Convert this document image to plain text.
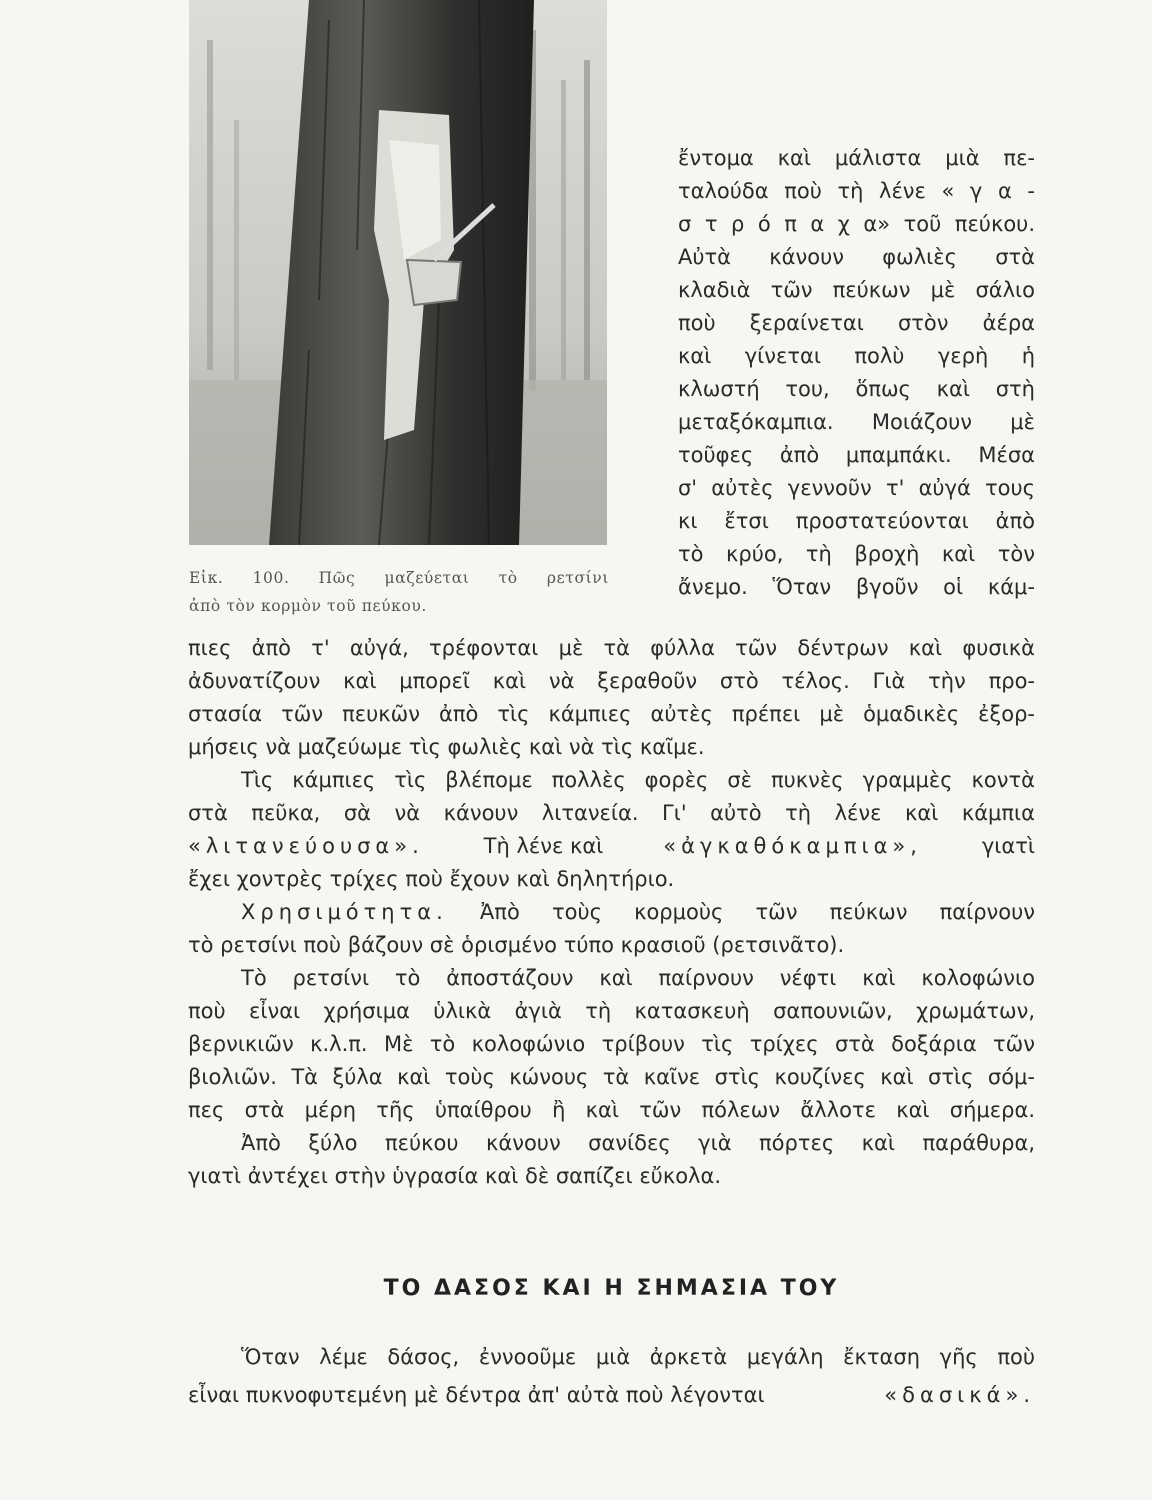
Εἰκ. 100. Πῶς μαζεύεται τὸ ρετσίνι
ἀπὸ τὸν κορμὸν τοῦ πεύκου.
ἔντομα καὶ μάλιστα μιὰ πε-
ταλούδα ποὺ τὴ λένε « γ α -
σ τ ρ ό π α χ α» τοῦ πεύκου.
Αὐτὰ κάνουν φωλιὲς στὰ
κλαδιὰ τῶν πεύκων μὲ σάλιο
ποὺ ξεραίνεται στὸν ἀέρα
καὶ γίνεται πολὺ γερὴ ἡ
κλωστή του, ὅπως καὶ στὴ
μεταξόκαμπια. Μοιάζουν μὲ
τοῦφες ἀπὸ μπαμπάκι. Μέσα
σ' αὐτὲς γεννοῦν τ' αὐγά τους
κι ἔτσι προστατεύονται ἀπὸ
τὸ κρύο, τὴ βροχὴ καὶ τὸν
ἄνεμο. Ὅταν βγοῦν οἱ κάμ-
πιες ἀπὸ τ' αὐγά, τρέφονται μὲ τὰ φύλλα τῶν δέντρων καὶ φυσικὰ
ἀδυνατίζουν καὶ μπορεῖ καὶ νὰ ξεραθοῦν στὸ τέλος. Γιὰ τὴν προ-
στασία τῶν πευκῶν ἀπὸ τὶς κάμπιες αὐτὲς πρέπει μὲ ὁμαδικὲς ἐξορ-
μήσεις νὰ μαζεύωμε τὶς φωλιὲς καὶ νὰ τὶς καῖμε.
Τὶς κάμπιες τὶς βλέπομε πολλὲς φορὲς σὲ πυκνὲς γραμμὲς κοντὰ
στὰ πεῦκα, σὰ νὰ κάνουν λιτανεία. Γι' αὐτὸ τὴ λένε καὶ κάμπια
«λιτανεύουσα».	Τὴ λένε καὶ	«ἀγκαθόκαμπια»,	γιατὶ
ἔχει χοντρὲς τρίχες ποὺ ἔχουν καὶ δηλητήριο.
Χρησιμότητα. Ἀπὸ τοὺς κορμοὺς τῶν πεύκων παίρνουν
τὸ ρετσίνι ποὺ βάζουν σὲ ὁρισμένο τύπο κρασιοῦ (ρετσινᾶτο).
Τὸ ρετσίνι τὸ ἀποστάζουν καὶ παίρνουν νέφτι καὶ κολοφώνιο
ποὺ εἶναι χρήσιμα ὑλικὰ ἀγιὰ τὴ κατασκευὴ σαπουνιῶν, χρωμάτων,
βερνικιῶν κ.λ.π. Μὲ τὸ κολοφώνιο τρίβουν τὶς τρίχες στὰ δοξάρια τῶν
βιολιῶν. Τὰ ξύλα καὶ τοὺς κώνους τὰ καῖνε στὶς κουζίνες καὶ στὶς σόμ-
πες στὰ μέρη τῆς ὑπαίθρου ἢ καὶ τῶν πόλεων ἄλλοτε καὶ σήμερα.
Ἀπὸ ξύλο πεύκου κάνουν σανίδες γιὰ πόρτες καὶ παράθυρα,
γιατὶ ἀντέχει στὴν ὑγρασία καὶ δὲ σαπίζει εὔκολα.
ΤΟ ΔΑΣΟΣ ΚΑΙ Η ΣΗΜΑΣΙΑ ΤΟΥ
Ὅταν λέμε δάσος, ἐννοοῦμε μιὰ ἀρκετὰ μεγάλη ἔκταση γῆς ποὺ
εἶναι πυκνοφυτεμένη μὲ δέντρα ἀπ' αὐτὰ ποὺ λέγονται	«δασικά».
